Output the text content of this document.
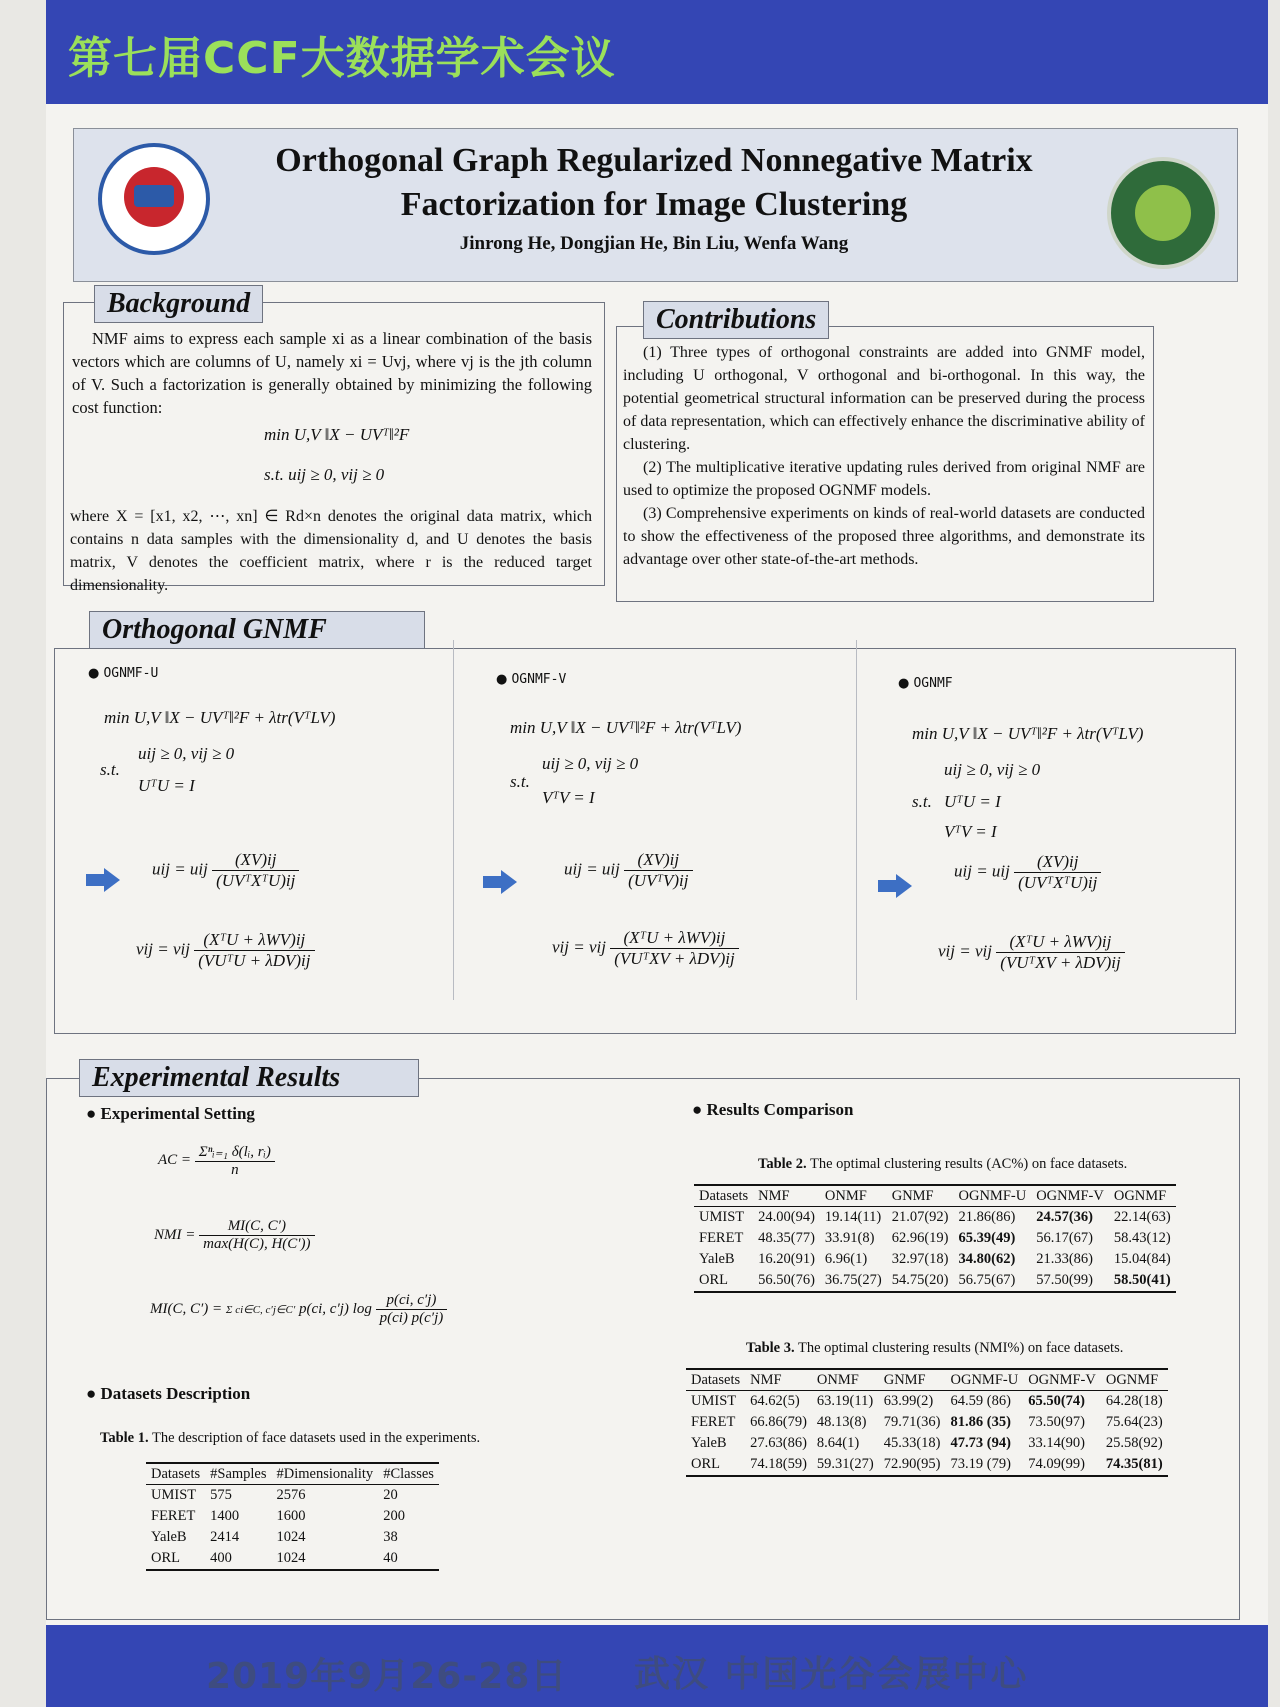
第七届CCF大数据学术会议
Orthogonal Graph Regularized Nonnegative Matrix
Factorization for Image Clustering
Jinrong He, Dongjian He, Bin Liu, Wenfa Wang
Background

NMF aims to express each sample xi as a linear combination of the basis vectors which are columns of U, namely xi = Uvj, where vj is the jth column of V. Such a factorization is generally obtained by minimizing the following cost function:

min U,V ‖X − UVᵀ‖²F
s.t. uij ≥ 0, vij ≥ 0
where X = [x1, x2, ⋯, xn] ∈ Rd×n denotes the original data matrix, which contains n data samples with the dimensionality d, and U denotes the basis matrix, V denotes the coefficient matrix, where r is the reduced target dimensionality.
Contributions

(1) Three types of orthogonal constraints are added into GNMF model, including U orthogonal, V orthogonal and bi-orthogonal. In this way, the potential geometrical structural information can be preserved during the process of data representation, which can effectively enhance the discriminative ability of clustering.

(2) The multiplicative iterative updating rules derived from original NMF are used to optimize the proposed OGNMF models.

(3) Comprehensive experiments on kinds of real-world datasets are conducted to show the effectiveness of the proposed three algorithms, and demonstrate its advantage over other state-of-the-art methods.

Orthogonal GNMF
● OGNMF-U
min U,V ‖X − UVᵀ‖²F + λtr(VᵀLV)
uij ≥ 0, vij ≥ 0
s.t.
UᵀU = I
uij = uij $\frac{(XV)ij}{\text{(UVᵀXᵀU)ij}}$
vij = vij $\frac{\text{(XᵀU + λWV)ij}}{\text{(VUᵀU + λDV)ij}}$
● OGNMF-V
min U,V ‖X − UVᵀ‖²F + λtr(VᵀLV)
uij ≥ 0, vij ≥ 0
s.t.
VᵀV = I
uij = uij $\frac{(XV)ij}{\text{(UVᵀV)ij}}$
vij = vij $\frac{\text{(XᵀU + λWV)ij}}{\text{(VUᵀXV + λDV)ij}}$
● OGNMF
min U,V ‖X − UVᵀ‖²F + λtr(VᵀLV)
uij ≥ 0, vij ≥ 0
s.t. UᵀU = I
VᵀV = I
uij = uij $\frac{(XV)ij}{\text{(UVᵀXᵀU)ij}}$
vij = vij $\frac{\text{(XᵀU + λWV)ij}}{\text{(VUᵀXV + λDV)ij}}$
Experimental Results
● Experimental Setting
AC = $\frac{\text{Σⁿᵢ₌₁ δ(lᵢ, rᵢ)}}{n}$
NMI = $\frac{MI(C, C')}{\max(H(C), H(C'))}$
MI(C, C′) = Σ ci∈C, c′j∈C′ p(ci, c′j) $\log \frac{p(ci, c'j)}{p(ci) p(c'j)}$
● Datasets Description
Table 1. The description of face datasets used in the experiments.
Datasets	#Samples	#Dimensionality	#Classes
UMIST	575	2576	20
FERET	1400	1600	200
YaleB	2414	1024	38
ORL	400	1024	40
● Results Comparison
Table 2. The optimal clustering results (AC%) on face datasets.
Datasets	NMF	ONMF	GNMF	OGNMF-U	OGNMF-V	OGNMF
UMIST	24.00(94)	19.14(11)	21.07(92)	21.86(86)	24.57(36)	22.14(63)
FERET	48.35(77)	33.91(8)	62.96(19)	65.39(49)	56.17(67)	58.43(12)
YaleB	16.20(91)	6.96(1)	32.97(18)	34.80(62)	21.33(86)	15.04(84)
ORL	56.50(76)	36.75(27)	54.75(20)	56.75(67)	57.50(99)	58.50(41)
Table 3. The optimal clustering results (NMI%) on face datasets.
Datasets	NMF	ONMF	GNMF	OGNMF-U	OGNMF-V	OGNMF
UMIST	64.62(5)	63.19(11)	63.99(2)	64.59 (86)	65.50(74)	64.28(18)
FERET	66.86(79)	48.13(8)	79.71(36)	81.86 (35)	73.50(97)	75.64(23)
YaleB	27.63(86)	8.64(1)	45.33(18)	47.73 (94)	33.14(90)	25.58(92)
ORL	74.18(59)	59.31(27)	72.90(95)	73.19 (79)	74.09(99)	74.35(81)
2019年9月26-28日 武汉 中国光谷会展中心
